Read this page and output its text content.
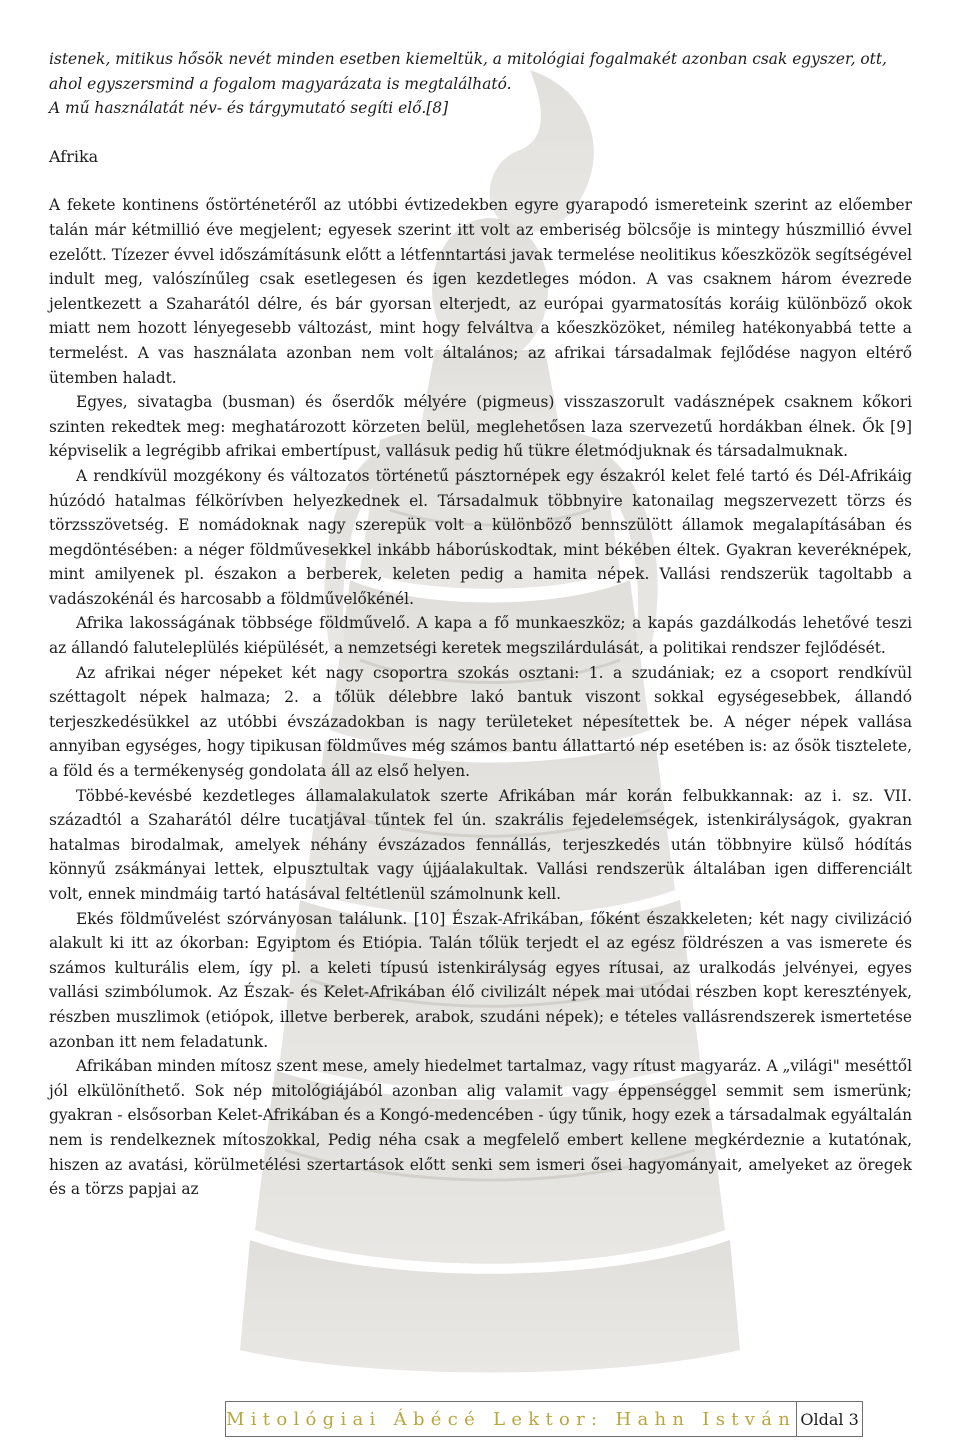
istenek, mitikus hősök nevét minden esetben kiemeltük, a mitológiai fogalmakét azonban csak egyszer, ott, ahol egyszersmind a fogalom magyarázata is megtalálható.

A mű használatát név- és tárgymutató segíti elő.[8]

Afrika

A fekete kontinens őstörténetéről az utóbbi évtizedekben egyre gyarapodó ismereteink szerint az előember talán már kétmillió éve megjelent; egyesek szerint itt volt az emberiség bölcsője is mintegy húszmillió évvel ezelőtt. Tízezer évvel időszámításunk előtt a létfenntartási javak termelése neolitikus kőeszközök segítségével indult meg, valószínűleg csak esetlegesen és igen kezdetleges módon. A vas csaknem három évezrede jelentkezett a Szaharától délre, és bár gyorsan elterjedt, az európai gyarmatosítás koráig különböző okok miatt nem hozott lényegesebb változást, mint hogy felváltva a kőeszközöket, némileg hatékonyabbá tette a termelést. A vas használata azonban nem volt általános; az afrikai társadalmak fejlődése nagyon eltérő ütemben haladt.

Egyes, sivatagba (busman) és őserdők mélyére (pigmeus) visszaszorult vadásznépek csaknem kőkori szinten rekedtek meg: meghatározott körzeten belül, meglehetősen laza szervezetű hordákban élnek. Ők [9] képviselik a legrégibb afrikai embertípust, vallásuk pedig hű tükre életmódjuknak és társadalmuknak.

A rendkívül mozgékony és változatos történetű pásztornépek egy északról kelet felé tartó és Dél-Afrikáig húzódó hatalmas félkörívben helyezkednek el. Társadalmuk többnyire katonailag megszervezett törzs és törzsszövetség. E nomádoknak nagy szerepük volt a különböző bennszülött államok megalapításában és megdöntésében: a néger földművesekkel inkább háborúskodtak, mint békében éltek. Gyakran keveréknépek, mint amilyenek pl. északon a berberek, keleten pedig a hamita népek. Vallási rendszerük tagoltabb a vadászokénál és harcosabb a földművelőkénél.

Afrika lakosságának többsége földművelő. A kapa a fő munkaeszköz; a kapás gazdálkodás lehetővé teszi az állandó faluteleplülés kiépülését, a nemzetségi keretek megszilárdulását, a politikai rendszer fejlődését.

Az afrikai néger népeket két nagy csoportra szokás osztani: 1. a szudániak; ez a csoport rendkívül széttagolt népek halmaza; 2. a tőlük délebbre lakó bantuk viszont sokkal egységesebbek, állandó terjeszkedésükkel az utóbbi évszázadokban is nagy területeket népesítettek be. A néger népek vallása annyiban egységes, hogy tipikusan földműves még számos bantu állattartó nép esetében is: az ősök tisztelete, a föld és a termékenység gondolata áll az első helyen.

Többé-kevésbé kezdetleges államalakulatok szerte Afrikában már korán felbukkannak: az i. sz. VII. századtól a Szaharától délre tucatjával tűntek fel ún. szakrális fejedelemségek, istenkirályságok, gyakran hatalmas birodalmak, amelyek néhány évszázados fennállás, terjeszkedés után többnyire külső hódítás könnyű zsákmányai lettek, elpusztultak vagy újjáalakultak. Vallási rendszerük általában igen differenciált volt, ennek mindmáig tartó hatásával feltétlenül számolnunk kell.

Ekés földművelést szórványosan találunk. [10] Észak-Afrikában, főként északkeleten; két nagy civilizáció alakult ki itt az ókorban: Egyiptom és Etiópia. Talán tőlük terjedt el az egész földrészen a vas ismerete és számos kulturális elem, így pl. a keleti típusú istenkirályság egyes rítusai, az uralkodás jelvényei, egyes vallási szimbólumok. Az Észak- és Kelet-Afrikában élő civilizált népek mai utódai részben kopt keresztények, részben muszlimok (etiópok, illetve berberek, arabok, szudáni népek); e tételes vallásrendszerek ismertetése azonban itt nem feladatunk.

Afrikában minden mítosz szent mese, amely hiedelmet tartalmaz, vagy rítust magyaráz. A „világi" meséttől jól elkülöníthető. Sok nép mitológiájából azonban alig valamit vagy éppenséggel semmit sem ismerünk; gyakran - elsősorban Kelet-Afrikában és a Kongó-medencében - úgy tűnik, hogy ezek a társadalmak egyáltalán nem is rendelkeznek mítoszokkal, Pedig néha csak a megfelelő embert kellene megkérdeznie a kutatónak, hiszen az avatási, körülmetélési szertartások előtt senki sem ismeri ősei hagyományait, amelyeket az öregek és a törzs papjai az

Mitológiai Ábécé Lektor: Hahn István Oldal 3
